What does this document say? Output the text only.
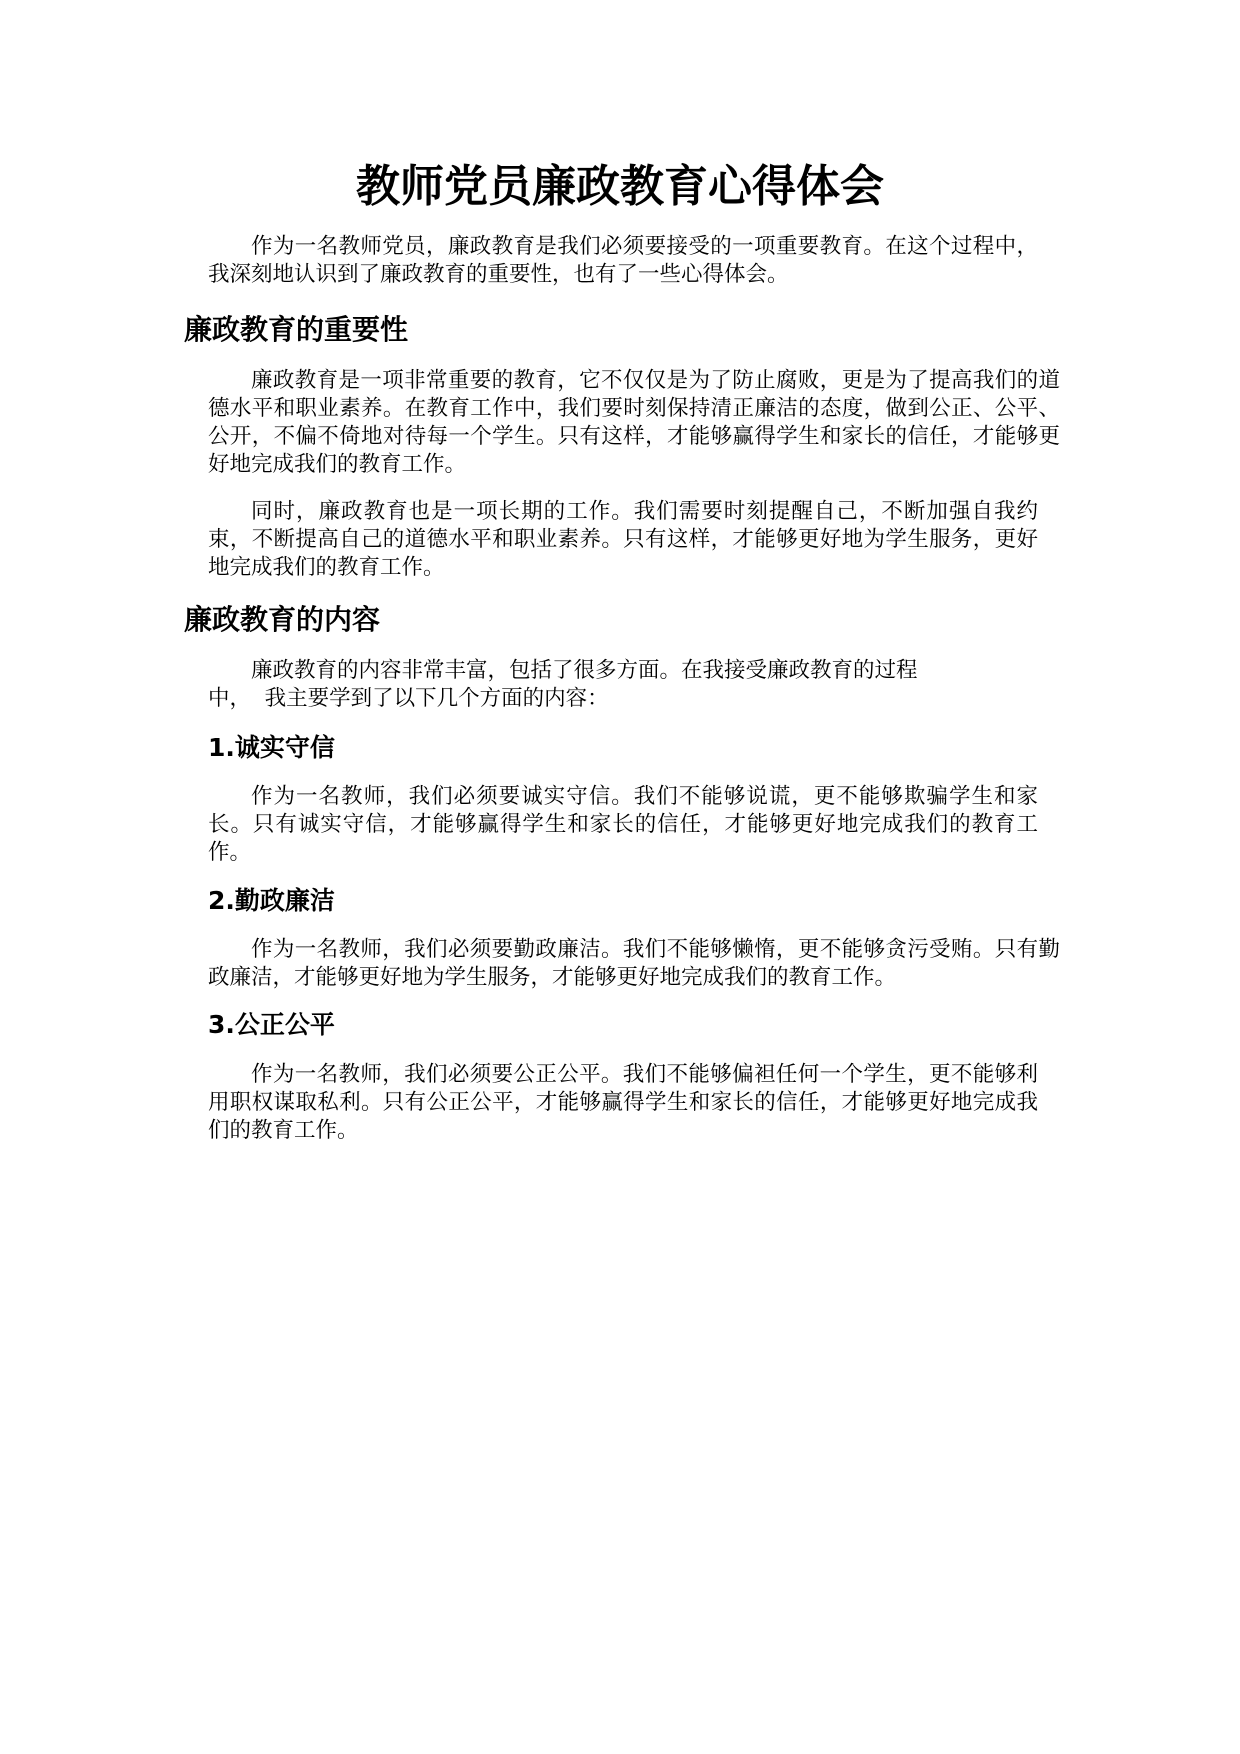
教师党员廉政教育心得体会

作为一名教师党员，廉政教育是我们必须要接受的一项重要教育。在这个过程中，我深刻地认识到了廉政教育的重要性，也有了一些心得体会。

廉政教育的重要性

廉政教育是一项非常重要的教育，它不仅仅是为了防止腐败，更是为了提高我们的道德水平和职业素养。在教育工作中，我们要时刻保持清正廉洁的态度，做到公正、公平、公开，不偏不倚地对待每一个学生。只有这样，才能够赢得学生和家长的信任，才能够更好地完成我们的教育工作。

同时，廉政教育也是一项长期的工作。我们需要时刻提醒自己，不断加强自我约束，不断提高自己的道德水平和职业素养。只有这样，才能够更好地为学生服务，更好地完成我们的教育工作。

廉政教育的内容

廉政教育的内容非常丰富，包括了很多方面。在我接受廉政教育的过程

中，  我主要学到了以下几个方面的内容：

1.诚实守信

作为一名教师，我们必须要诚实守信。我们不能够说谎，更不能够欺骗学生和家长。只有诚实守信，才能够赢得学生和家长的信任，才能够更好地完成我们的教育工作。

2.勤政廉洁

作为一名教师，我们必须要勤政廉洁。我们不能够懒惰，更不能够贪污受贿。只有勤政廉洁，才能够更好地为学生服务，才能够更好地完成我们的教育工作。

3.公正公平

作为一名教师，我们必须要公正公平。我们不能够偏袒任何一个学生，更不能够利用职权谋取私利。只有公正公平，才能够赢得学生和家长的信任，才能够更好地完成我们的教育工作。
